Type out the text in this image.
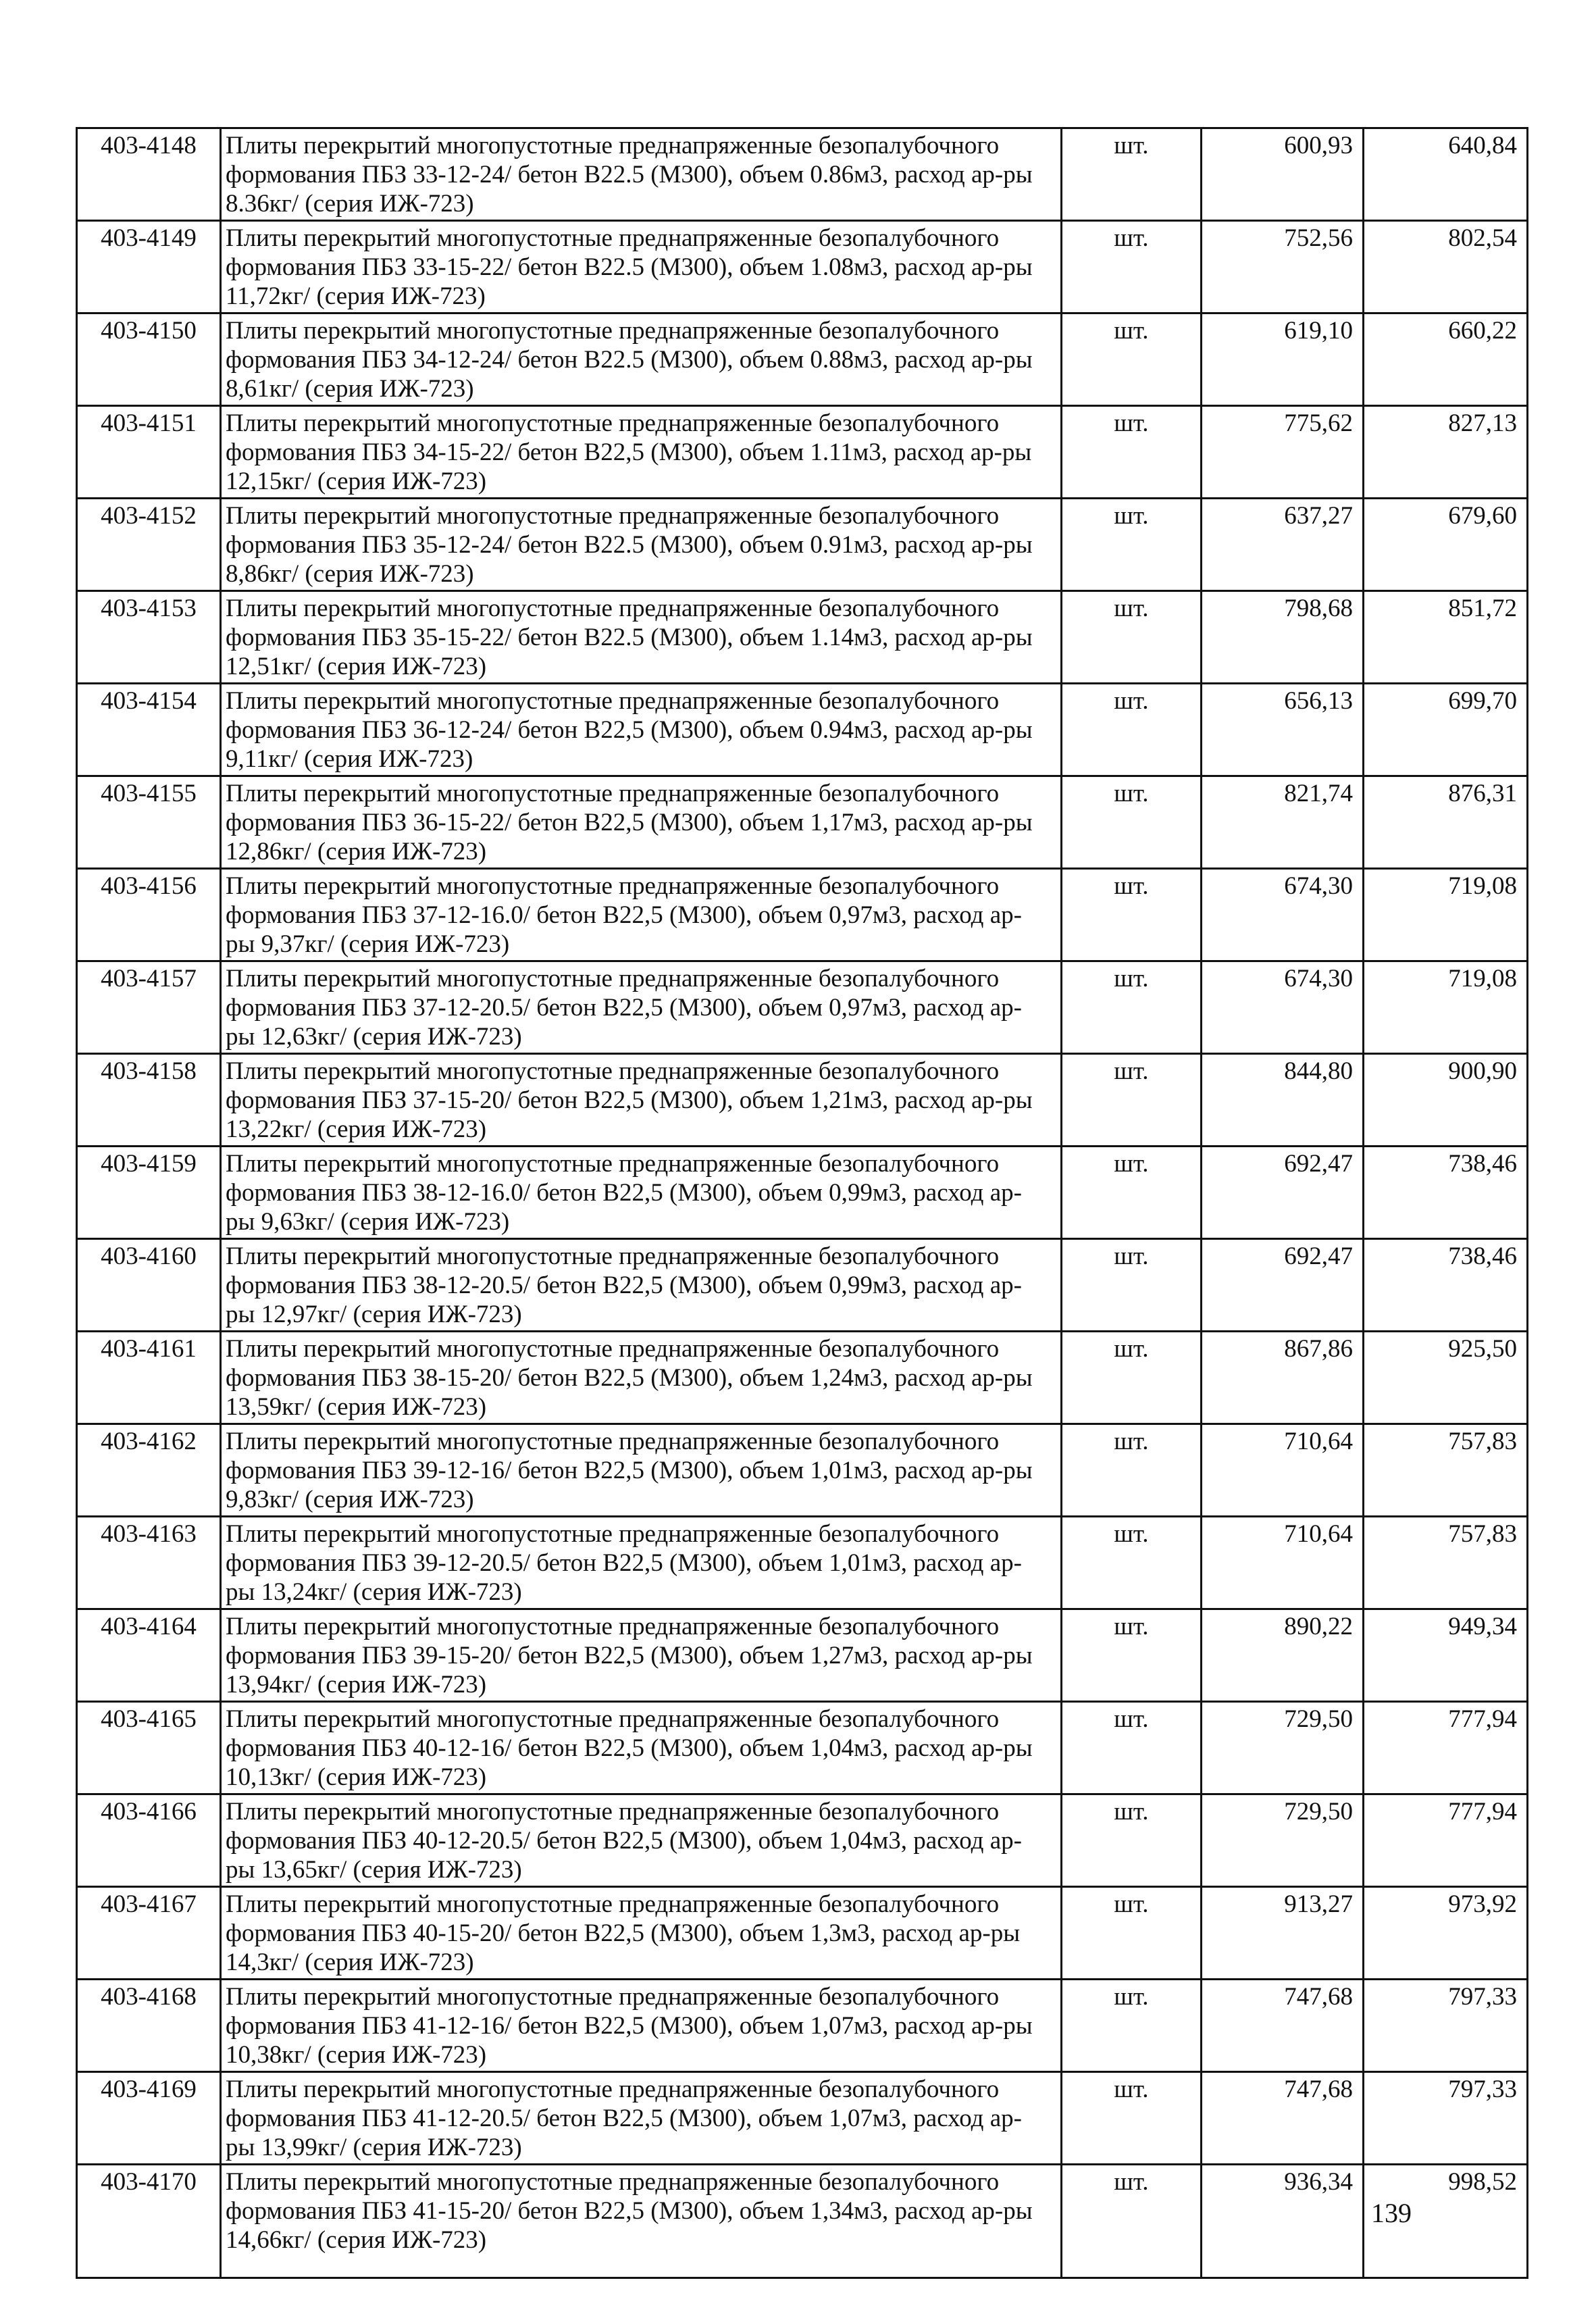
403-4148	Плиты перекрытий многопустотные преднапряженные безопалубочного формования ПБЗ 33-12-24/ бетон B22.5 (M300), объем 0.86м3, расход ар-ры 8.36кг/ (серия ИЖ-723)	шт.	600,93	640,84
403-4149	Плиты перекрытий многопустотные преднапряженные безопалубочного формования ПБЗ 33-15-22/ бетон B22.5 (M300), объем 1.08м3, расход ар-ры 11,72кг/ (серия ИЖ-723)	шт.	752,56	802,54
403-4150	Плиты перекрытий многопустотные преднапряженные безопалубочного формования ПБЗ 34-12-24/ бетон B22.5 (M300), объем 0.88м3, расход ар-ры 8,61кг/ (серия ИЖ-723)	шт.	619,10	660,22
403-4151	Плиты перекрытий многопустотные преднапряженные безопалубочного формования ПБЗ 34-15-22/ бетон B22,5 (M300), объем 1.11м3, расход ар-ры 12,15кг/ (серия ИЖ-723)	шт.	775,62	827,13
403-4152	Плиты перекрытий многопустотные преднапряженные безопалубочного формования ПБЗ 35-12-24/ бетон B22.5 (M300), объем 0.91м3, расход ар-ры 8,86кг/ (серия ИЖ-723)	шт.	637,27	679,60
403-4153	Плиты перекрытий многопустотные преднапряженные безопалубочного формования ПБЗ 35-15-22/ бетон B22.5 (M300), объем 1.14м3, расход ар-ры 12,51кг/ (серия ИЖ-723)	шт.	798,68	851,72
403-4154	Плиты перекрытий многопустотные преднапряженные безопалубочного формования ПБЗ 36-12-24/ бетон B22,5 (M300), объем 0.94м3, расход ар-ры 9,11кг/ (серия ИЖ-723)	шт.	656,13	699,70
403-4155	Плиты перекрытий многопустотные преднапряженные безопалубочного формования ПБЗ 36-15-22/ бетон B22,5 (M300), объем 1,17м3, расход ар-ры 12,86кг/ (серия ИЖ-723)	шт.	821,74	876,31
403-4156	Плиты перекрытий многопустотные преднапряженные безопалубочного формования ПБЗ 37-12-16.0/ бетон B22,5 (M300), объем 0,97м3, расход ар-ры 9,37кг/ (серия ИЖ-723)	шт.	674,30	719,08
403-4157	Плиты перекрытий многопустотные преднапряженные безопалубочного формования ПБЗ 37-12-20.5/ бетон B22,5 (M300), объем 0,97м3, расход ар-ры 12,63кг/ (серия ИЖ-723)	шт.	674,30	719,08
403-4158	Плиты перекрытий многопустотные преднапряженные безопалубочного формования ПБЗ 37-15-20/ бетон B22,5 (M300), объем 1,21м3, расход ар-ры 13,22кг/ (серия ИЖ-723)	шт.	844,80	900,90
403-4159	Плиты перекрытий многопустотные преднапряженные безопалубочного формования ПБЗ 38-12-16.0/ бетон B22,5 (M300), объем 0,99м3, расход ар-ры 9,63кг/ (серия ИЖ-723)	шт.	692,47	738,46
403-4160	Плиты перекрытий многопустотные преднапряженные безопалубочного формования ПБЗ 38-12-20.5/ бетон B22,5 (M300), объем 0,99м3, расход ар-ры 12,97кг/ (серия ИЖ-723)	шт.	692,47	738,46
403-4161	Плиты перекрытий многопустотные преднапряженные безопалубочного формования ПБЗ 38-15-20/ бетон B22,5 (M300), объем 1,24м3, расход ар-ры 13,59кг/ (серия ИЖ-723)	шт.	867,86	925,50
403-4162	Плиты перекрытий многопустотные преднапряженные безопалубочного формования ПБЗ 39-12-16/ бетон B22,5 (M300), объем 1,01м3, расход ар-ры 9,83кг/ (серия ИЖ-723)	шт.	710,64	757,83
403-4163	Плиты перекрытий многопустотные преднапряженные безопалубочного формования ПБЗ 39-12-20.5/ бетон B22,5 (M300), объем 1,01м3, расход ар-ры 13,24кг/ (серия ИЖ-723)	шт.	710,64	757,83
403-4164	Плиты перекрытий многопустотные преднапряженные безопалубочного формования ПБЗ 39-15-20/ бетон B22,5 (M300), объем 1,27м3, расход ар-ры 13,94кг/ (серия ИЖ-723)	шт.	890,22	949,34
403-4165	Плиты перекрытий многопустотные преднапряженные безопалубочного формования ПБЗ 40-12-16/ бетон B22,5 (M300), объем 1,04м3, расход ар-ры 10,13кг/ (серия ИЖ-723)	шт.	729,50	777,94
403-4166	Плиты перекрытий многопустотные преднапряженные безопалубочного формования ПБЗ 40-12-20.5/ бетон B22,5 (M300), объем 1,04м3, расход ар-ры 13,65кг/ (серия ИЖ-723)	шт.	729,50	777,94
403-4167	Плиты перекрытий многопустотные преднапряженные безопалубочного формования ПБЗ 40-15-20/ бетон B22,5 (M300), объем 1,3м3, расход ар-ры 14,3кг/ (серия ИЖ-723)	шт.	913,27	973,92
403-4168	Плиты перекрытий многопустотные преднапряженные безопалубочного формования ПБЗ 41-12-16/ бетон B22,5 (M300), объем 1,07м3, расход ар-ры 10,38кг/ (серия ИЖ-723)	шт.	747,68	797,33
403-4169	Плиты перекрытий многопустотные преднапряженные безопалубочного формования ПБЗ 41-12-20.5/ бетон B22,5 (M300), объем 1,07м3, расход ар-ры 13,99кг/ (серия ИЖ-723)	шт.	747,68	797,33
403-4170	Плиты перекрытий многопустотные преднапряженные безопалубочного формования ПБЗ 41-15-20/ бетон B22,5 (M300), объем 1,34м3, расход ар-ры 14,66кг/ (серия ИЖ-723)	шт.	936,34	998,52
139
